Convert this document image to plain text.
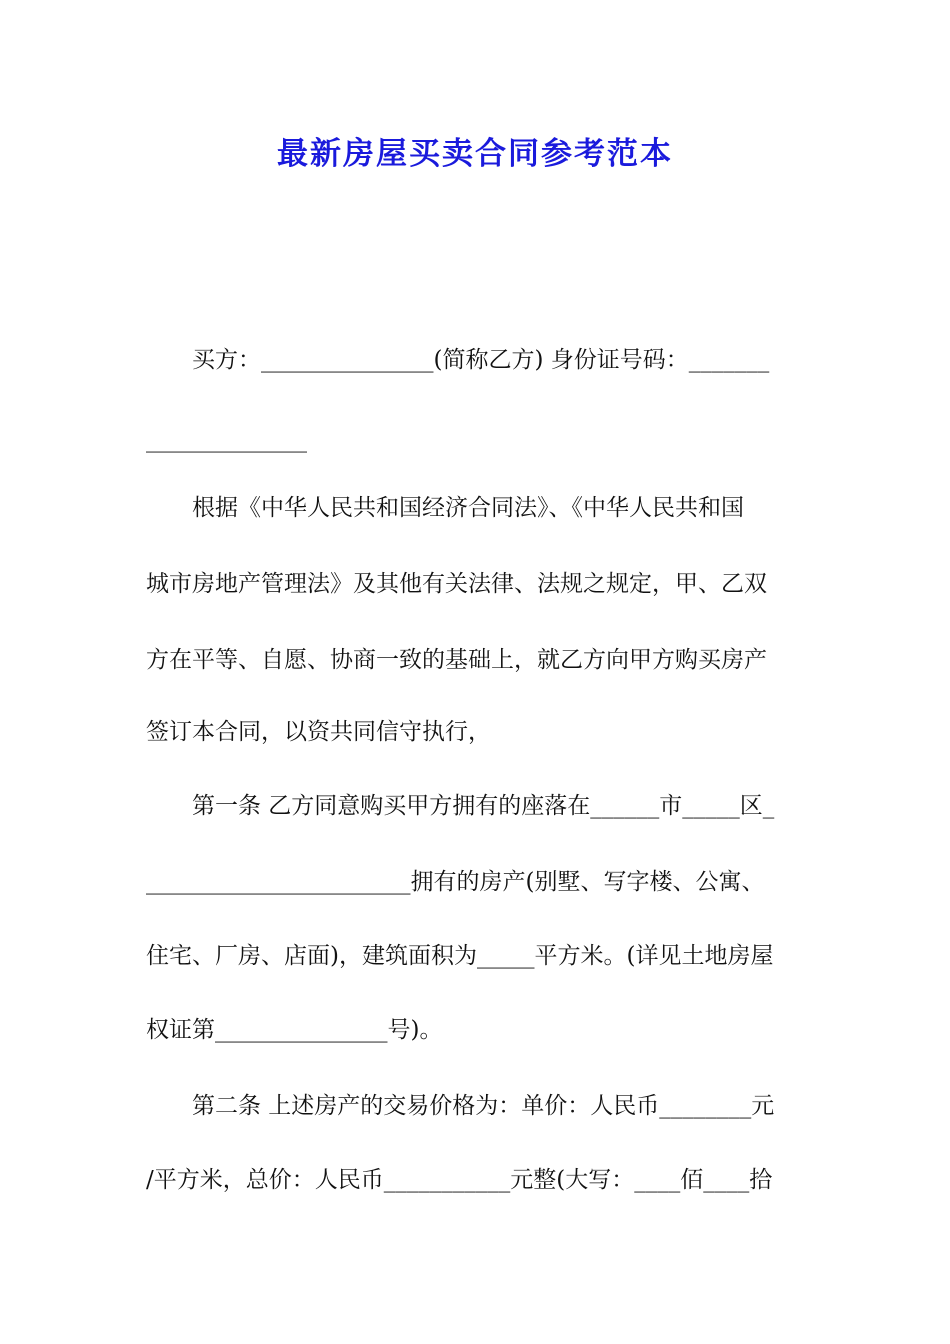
最新房屋买卖合同参考范本
买方：_______________(简称乙方) 身份证号码：_______
______________
根据《中华人民共和国经济合同法》、《中华人民共和国
城市房地产管理法》及其他有关法律、法规之规定，甲、乙双
方在平等、自愿、协商一致的基础上，就乙方向甲方购买房产
签订本合同，以资共同信守执行，
第一条 乙方同意购买甲方拥有的座落在______市_____区_
_______________________拥有的房产(别墅、写字楼、公寓、
住宅、厂房、店面)，建筑面积为_____平方米。(详见土地房屋
权证第_______________号)。
第二条 上述房产的交易价格为：单价：人民币________元
/平方米，总价：人民币___________元整(大写：____佰____拾
